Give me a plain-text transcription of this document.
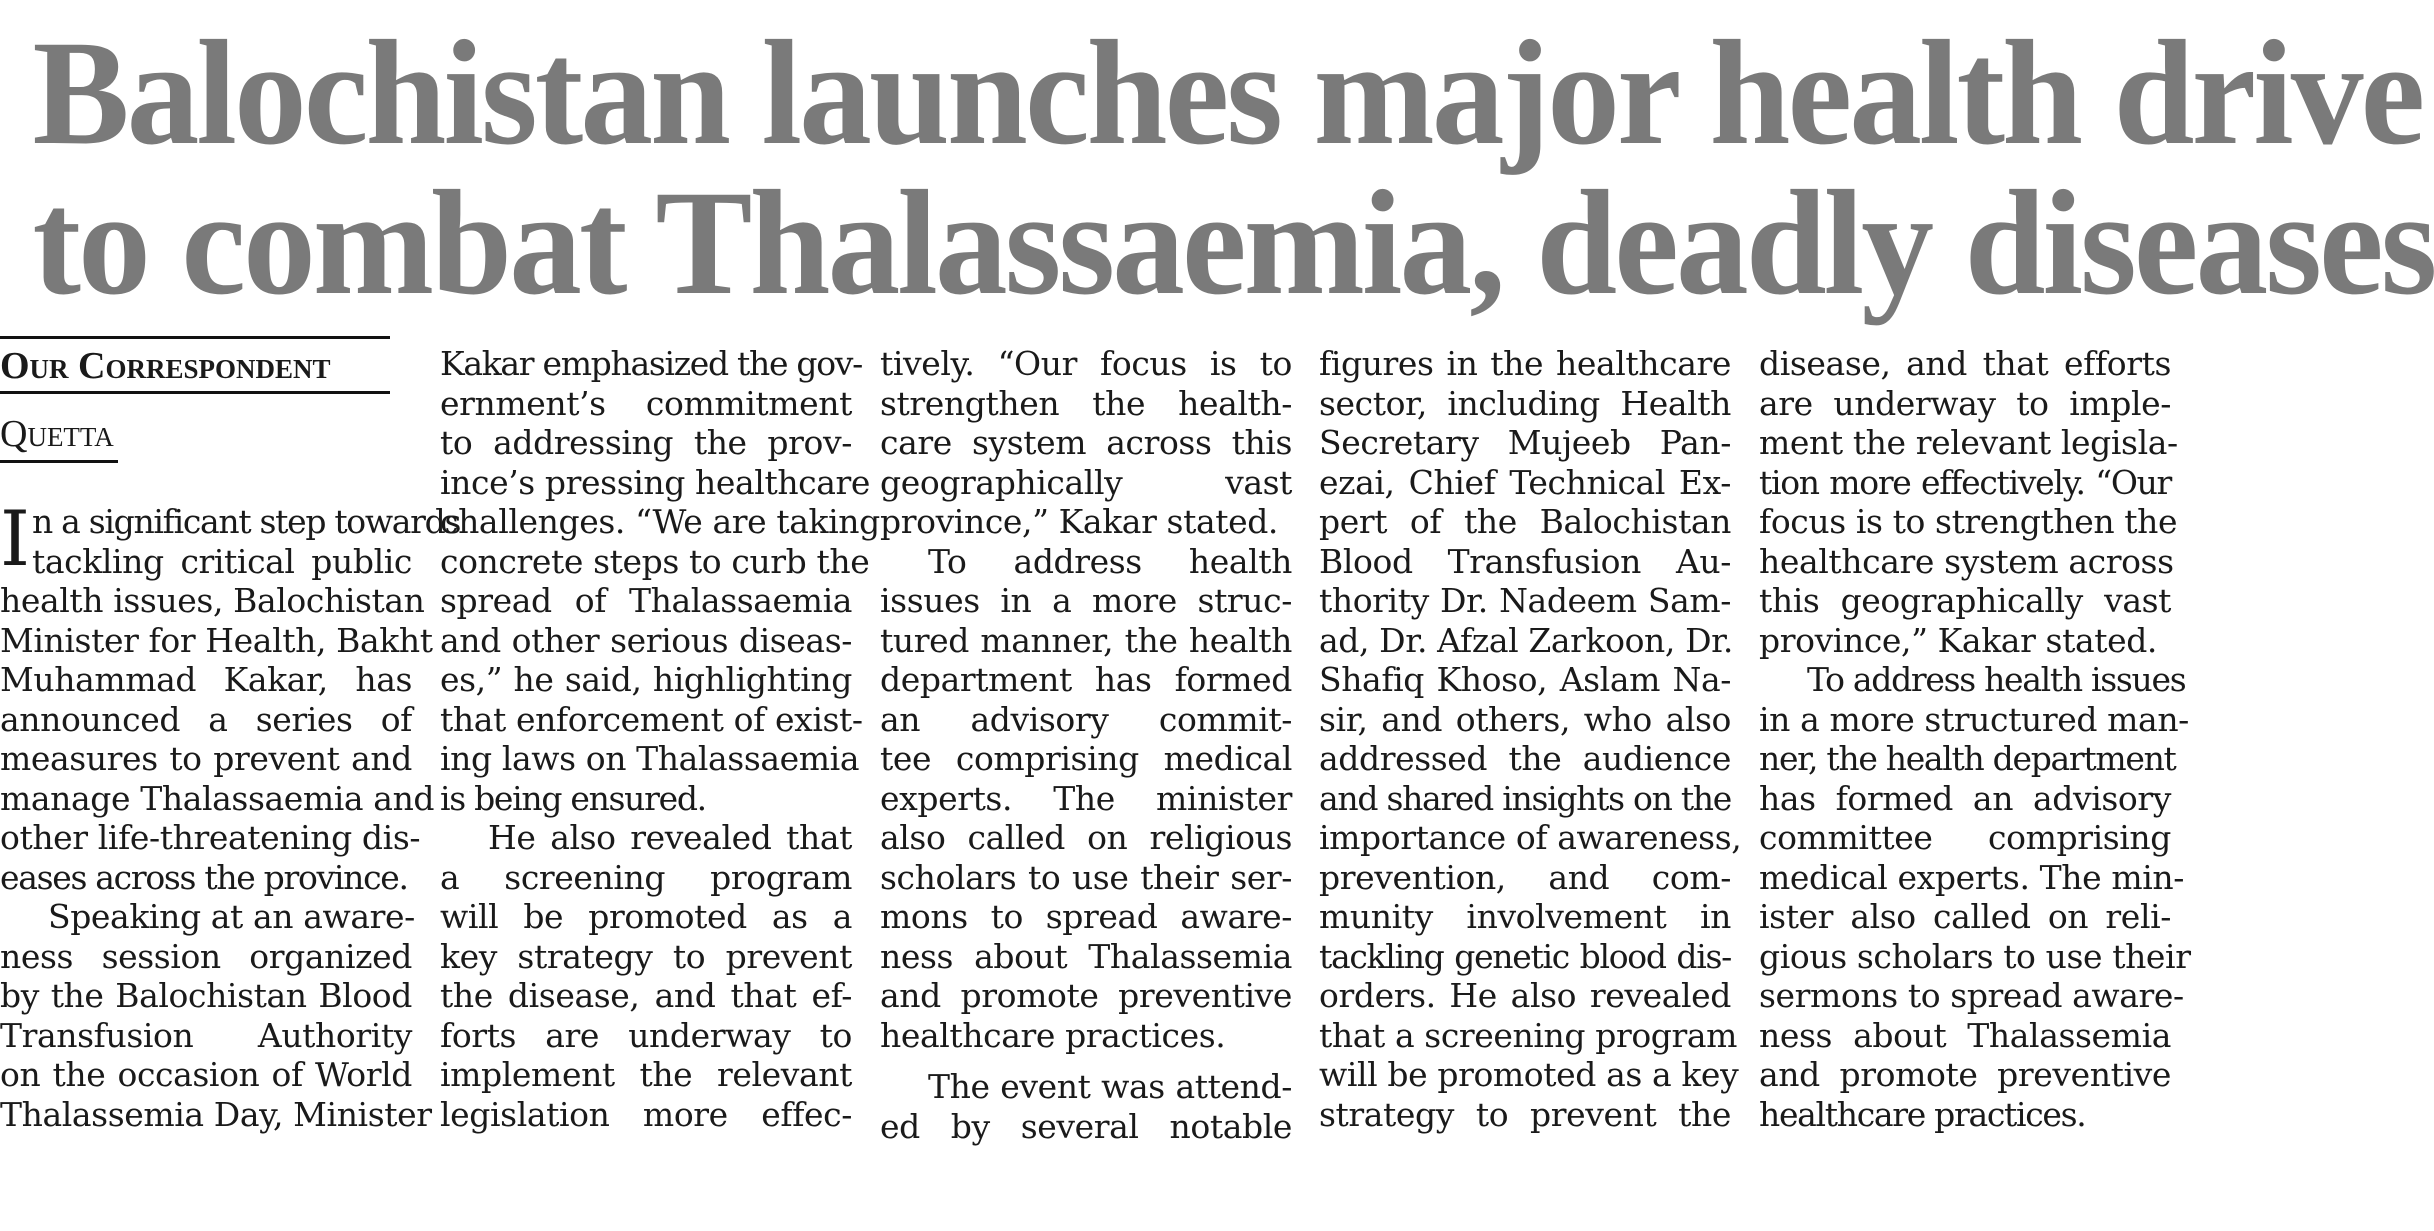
Balochistan launches major health drive
to combat Thalassaemia, deadly diseases
Our Correspondent
Quetta
I n a significant step towards
tackling critical public
health issues, Balochistan
Minister for Health, Bakht
Muhammad Kakar, has
announced a series of
measures to prevent and
manage Thalassaemia and
other life-threatening dis-
eases across the province.
Speaking at an aware-
ness session organized
by the Balochistan Blood
Transfusion Authority
on the occasion of World
Thalassemia Day, Minister
Kakar emphasized the gov-
ernment’s commitment
to addressing the prov-
ince’s pressing healthcare
challenges. “We are taking
concrete steps to curb the
spread of Thalassaemia
and other serious diseas-
es,” he said, highlighting
that enforcement of exist-
ing laws on Thalassaemia
is being ensured.
He also revealed that
a screening program
will be promoted as a
key strategy to prevent
the disease, and that ef-
forts are underway to
implement the relevant
legislation more effec-
tively. “Our focus is to
strengthen the health-
care system across this
geographically vast
province,” Kakar stated.
To address health
issues in a more struc-
tured manner, the health
department has formed
an advisory commit-
tee comprising medical
experts. The minister
also called on religious
scholars to use their ser-
mons to spread aware-
ness about Thalassemia
and promote preventive
healthcare practices.
The event was attend-
ed by several notable
figures in the healthcare
sector, including Health
Secretary Mujeeb Pan-
ezai, Chief Technical Ex-
pert of the Balochistan
Blood Transfusion Au-
thority Dr. Nadeem Sam-
ad, Dr. Afzal Zarkoon, Dr.
Shafiq Khoso, Aslam Na-
sir, and others, who also
addressed the audience
and shared insights on the
importance of awareness,
prevention, and com-
munity involvement in
tackling genetic blood dis-
orders. He also revealed
that a screening program
will be promoted as a key
strategy to prevent the
disease, and that efforts
are underway to imple-
ment the relevant legisla-
tion more effectively. “Our
focus is to strengthen the
healthcare system across
this geographically vast
province,” Kakar stated.
To address health issues
in a more structured man-
ner, the health department
has formed an advisory
committee comprising
medical experts. The min-
ister also called on reli-
gious scholars to use their
sermons to spread aware-
ness about Thalassemia
and promote preventive
healthcare practices.
